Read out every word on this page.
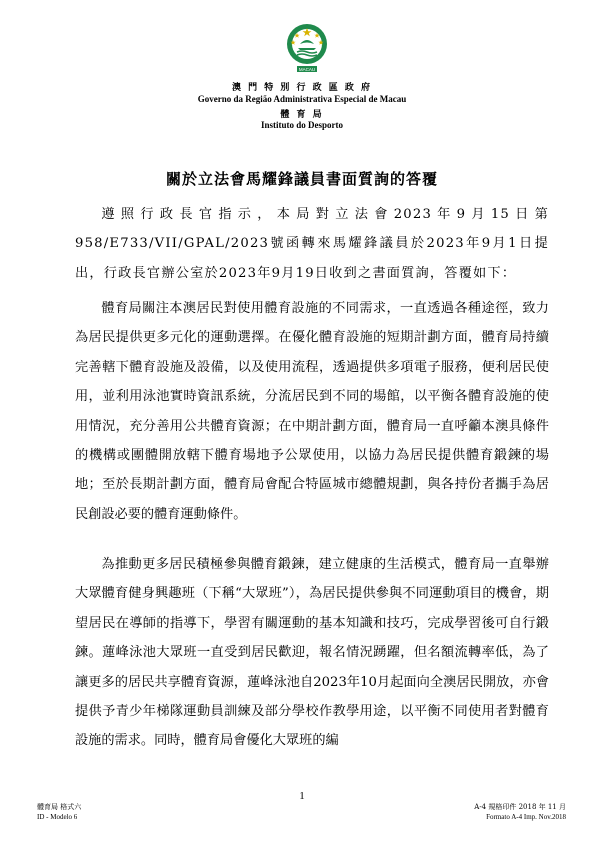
MACAU
澳 門 特 別 行 政 區 政 府
Governo da Região Administrativa Especial de Macau
體 育 局
Instituto do Desporto
關於立法會馬耀鋒議員書面質詢的答覆

遵照行政長官指示，本局對立法會2023年9月15日第958/E733/VII/GPAL/2023號函轉來馬耀鋒議員於2023年9月1日提出，行政長官辦公室於2023年9月19日收到之書面質詢，答覆如下：

體育局關注本澳居民對使用體育設施的不同需求，一直透過各種途徑，致力為居民提供更多元化的運動選擇。在優化體育設施的短期計劃方面，體育局持續完善轄下體育設施及設備，以及使用流程，透過提供多項電子服務，便利居民使用，並利用泳池實時資訊系統，分流居民到不同的場館，以平衡各體育設施的使用情況，充分善用公共體育資源；在中期計劃方面，體育局一直呼籲本澳具條件的機構或團體開放轄下體育場地予公眾使用，以協力為居民提供體育鍛鍊的場地；至於長期計劃方面，體育局會配合特區城市總體規劃，與各持份者攜手為居民創設必要的體育運動條件。

為推動更多居民積極參與體育鍛鍊，建立健康的生活模式，體育局一直舉辦大眾體育健身興趣班（下稱“大眾班”），為居民提供參與不同運動項目的機會，期望居民在導師的指導下，學習有關運動的基本知識和技巧，完成學習後可自行鍛鍊。蓮峰泳池大眾班一直受到居民歡迎，報名情況踴躍，但名額流轉率低，為了讓更多的居民共享體育資源，蓮峰泳池自2023年10月起面向全澳居民開放，亦會提供予青少年梯隊運動員訓練及部分學校作教學用途，以平衡不同使用者對體育設施的需求。同時，體育局會優化大眾班的編

1
體育局 格式六
ID - Modelo 6
A-4 規格印件 2018 年 11 月
Formato A-4 Imp. Nov.2018
